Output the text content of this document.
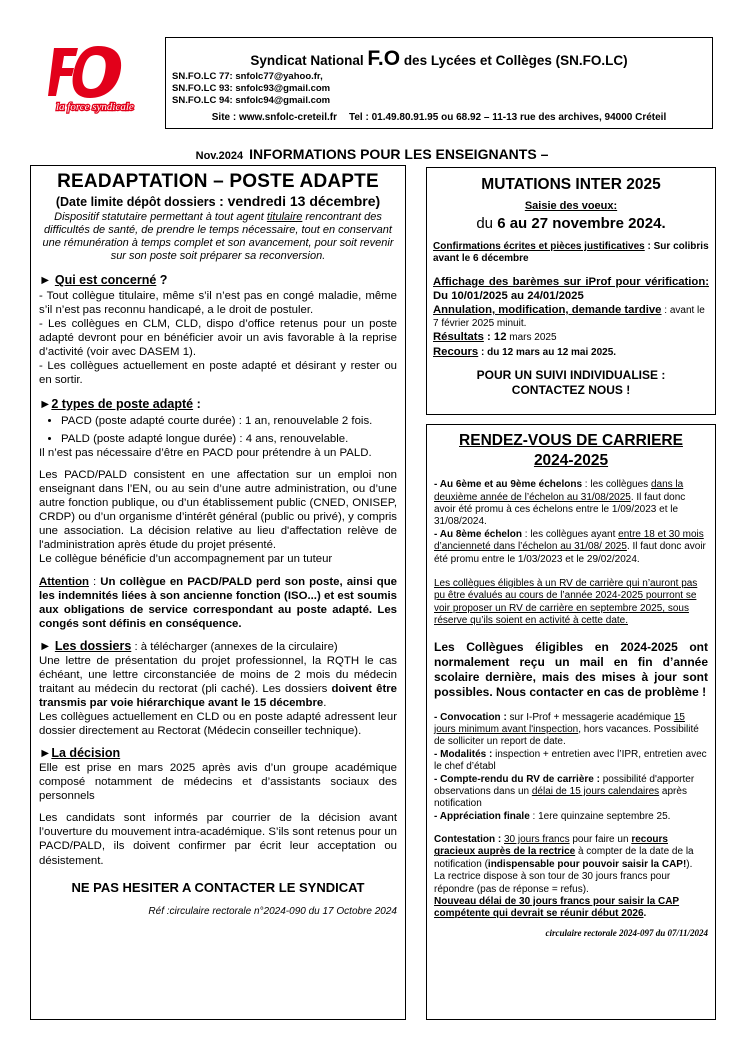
la force syndicale
Syndicat National F.O des Lycées et Collèges (SN.FO.LC)
SN.FO.LC 77: snfolc77@yahoo.fr,
SN.FO.LC 93: snfolc93@gmail.com
SN.FO.LC 94: snfolc94@gmail.com
Site : www.snfolc-creteil.fr Tel : 01.49.80.91.95 ou 68.92 – 11-13 rue des archives, 94000 Créteil
Nov.2024 INFORMATIONS POUR LES ENSEIGNANTS –

READAPTATION – POSTE ADAPTE

(Date limite dépôt dossiers : vendredi 13 décembre)

Dispositif statutaire permettant à tout agent titulaire rencontrant des difficultés de santé, de prendre le temps nécessaire, tout en conservant une rémunération à temps complet et son avancement, pour soit revenir sur son poste soit préparer sa reconversion.

► Qui est concerné ?

- Tout collègue titulaire, même s’il n’est pas en congé maladie, même s’il n’est pas reconnu handicapé, a le droit de postuler.

- Les collègues en CLM, CLD, dispo d’office retenus pour un poste adapté devront pour en bénéficier avoir un avis favorable à la reprise d’activité (voir avec DASEM 1).

- Les collègues actuellement en poste adapté et désirant y rester ou en sortir.

►2 types de poste adapté :

• PACD (poste adapté courte durée) : 1 an, renouvelable 2 fois.
• PALD (poste adapté longue durée) : 4 ans, renouvelable.

Il n’est pas nécessaire d’être en PACD pour prétendre à un PALD.

Les PACD/PALD consistent en une affectation sur un emploi non enseignant dans l’EN, ou au sein d’une autre administration, ou d’une autre fonction publique, ou d’un établissement public (CNED, ONISEP, CRDP) ou d’un organisme d’intérêt général (public ou privé), y compris une association. La décision relative au lieu d'affectation relève de l'administration après étude du projet présenté.

Le collègue bénéficie d’un accompagnement par un tuteur

Attention : Un collègue en PACD/PALD perd son poste, ainsi que les indemnités liées à son ancienne fonction (ISO...) et est soumis aux obligations de service correspondant au poste adapté. Les congés sont définis en conséquence.

► Les dossiers : à télécharger (annexes de la circulaire)

Une lettre de présentation du projet professionnel, la RQTH le cas échéant, une lettre circonstanciée de moins de 2 mois du médecin traitant au médecin du rectorat (pli caché). Les dossiers doivent être transmis par voie hiérarchique avant le 15 décembre.

Les collègues actuellement en CLD ou en poste adapté adressent leur dossier directement au Rectorat (Médecin conseiller technique).

►La décision

Elle est prise en mars 2025 après avis d’un groupe académique composé notamment de médecins et d’assistants sociaux des personnels

Les candidats sont informés par courrier de la décision avant l’ouverture du mouvement intra-académique. S’ils sont retenus pour un PACD/PALD, ils doivent confirmer par écrit leur acceptation ou désistement.

NE PAS HESITER A CONTACTER LE SYNDICAT

Réf :circulaire rectorale n°2024-090 du 17 Octobre 2024

MUTATIONS INTER 2025

Saisie des voeux:

du 6 au 27 novembre 2024.

Confirmations écrites et pièces justificatives : Sur colibris avant le 6 décembre

Affichage des barèmes sur iProf pour vérification: Du 10/01/2025 au 24/01/2025

Annulation, modification, demande tardive : avant le 7 février 2025 minuit.

Résultats : 12 mars 2025

Recours : du 12 mars au 12 mai 2025.

POUR UN SUIVI INDIVIDUALISE :

CONTACTEZ NOUS !

RENDEZ-VOUS DE CARRIERE

2024-2025

- Au 6ème et au 9ème échelons : les collègues dans la deuxième année de l’échelon au 31/08/2025. Il faut donc avoir été promu à ces échelons entre le 1/09/2023 et le 31/08/2024.

- Au 8ème échelon : les collègues ayant entre 18 et 30 mois d’ancienneté dans l’échelon au 31/08/ 2025. Il faut donc avoir été promu entre le 1/03/2023 et le 29/02/2024.

Les collègues éligibles à un RV de carrière qui n’auront pas pu être évalués au cours de l’année 2024-2025 pourront se voir proposer un RV de carrière en septembre 2025, sous réserve qu’ils soient en activité à cette date.

Les Collègues éligibles en 2024-2025 ont normalement reçu un mail en fin d’année scolaire dernière, mais des mises à jour sont possibles. Nous contacter en cas de problème !

- Convocation : sur I-Prof + messagerie académique 15 jours minimum avant l'inspection, hors vacances. Possibilité de solliciter un report de date.

- Modalités : inspection + entretien avec l’IPR, entretien avec le chef d’établ

- Compte-rendu du RV de carrière : possibilité d'apporter observations dans un délai de 15 jours calendaires après notification

- Appréciation finale : 1ere quinzaine septembre 25.

Contestation : 30 jours francs pour faire un recours gracieux auprès de la rectrice à compter de la date de la notification (indispensable pour pouvoir saisir la CAP!).

La rectrice dispose à son tour de 30 jours francs pour répondre (pas de réponse = refus).

Nouveau délai de 30 jours francs pour saisir la CAP compétente qui devrait se réunir début 2026.

circulaire rectorale 2024-097 du 07/11/2024
